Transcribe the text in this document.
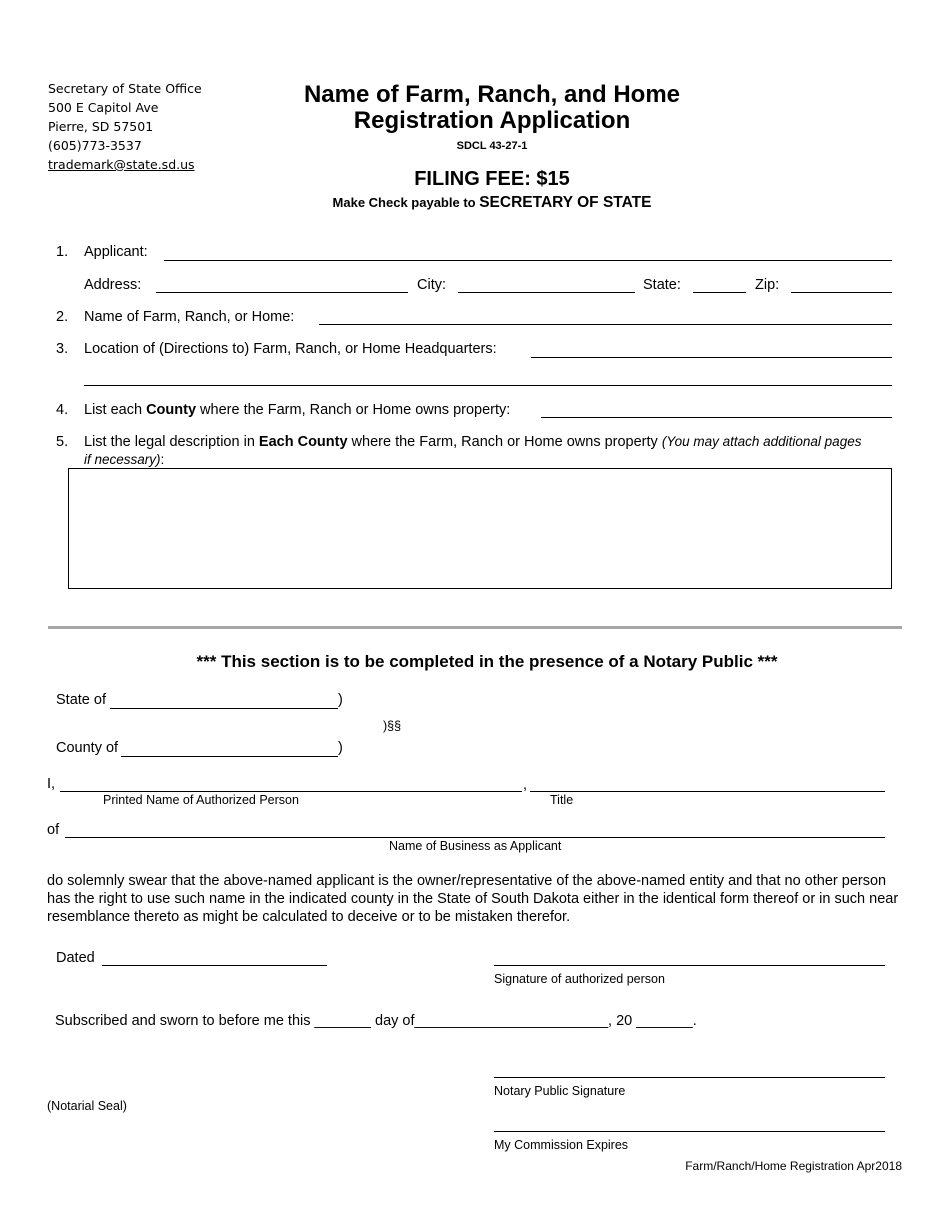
Secretary of State Office
500 E Capitol Ave
Pierre, SD 57501
(605)773-3537
trademark@state.sd.us
Name of Farm, Ranch, and Home
Registration Application
SDCL 43-27-1
FILING FEE: $15
Make Check payable to SECRETARY OF STATE
1. Applicant:
Address:	City:	State:	Zip:
2. Name of Farm, Ranch, or Home:
3. Location of (Directions to) Farm, Ranch, or Home Headquarters:
4. List each County where the Farm, Ranch or Home owns property:
5. List the legal description in Each County where the Farm, Ranch or Home owns property (You may attach additional pages
if necessary):
*** This section is to be completed in the presence of a Notary Public ***
State of	)
)§§
County of	)
I,	,
Printed Name of Authorized Person	Title
of
Name of Business as Applicant
do solemnly swear that the above-named applicant is the owner/representative of the above-named entity and that no other person has the right to use such name in the indicated county in the State of South Dakota either in the identical form thereof or in such near resemblance thereto as might be calculated to deceive or to be mistaken therefor.
Dated
Signature of authorized person
Subscribed and sworn to before me this _______ day of________________________, 20 _______.
Notary Public Signature
(Notarial Seal)
My Commission Expires
Farm/Ranch/Home Registration Apr2018
